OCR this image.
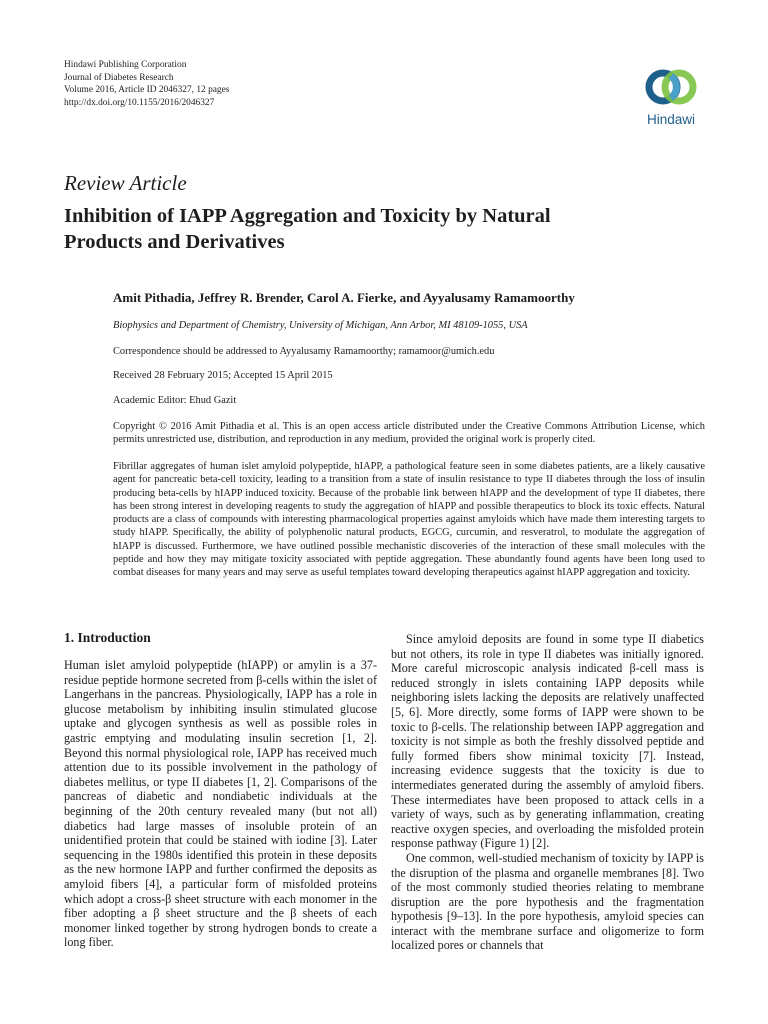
Hindawi Publishing Corporation
Journal of Diabetes Research
Volume 2016, Article ID 2046327, 12 pages
http://dx.doi.org/10.1155/2016/2046327
Hindawi
Review Article
Inhibition of IAPP Aggregation and Toxicity by Natural Products and Derivatives
Amit Pithadia, Jeffrey R. Brender, Carol A. Fierke, and Ayyalusamy Ramamoorthy
Biophysics and Department of Chemistry, University of Michigan, Ann Arbor, MI 48109-1055, USA
Correspondence should be addressed to Ayyalusamy Ramamoorthy; ramamoor@umich.edu
Received 28 February 2015; Accepted 15 April 2015
Academic Editor: Ehud Gazit
Copyright © 2016 Amit Pithadia et al. This is an open access article distributed under the Creative Commons Attribution License, which permits unrestricted use, distribution, and reproduction in any medium, provided the original work is properly cited.
Fibrillar aggregates of human islet amyloid polypeptide, hIAPP, a pathological feature seen in some diabetes patients, are a likely causative agent for pancreatic beta-cell toxicity, leading to a transition from a state of insulin resistance to type II diabetes through the loss of insulin producing beta-cells by hIAPP induced toxicity. Because of the probable link between hIAPP and the development of type II diabetes, there has been strong interest in developing reagents to study the aggregation of hIAPP and possible therapeutics to block its toxic effects. Natural products are a class of compounds with interesting pharmacological properties against amyloids which have made them interesting targets to study hIAPP. Specifically, the ability of polyphenolic natural products, EGCG, curcumin, and resveratrol, to modulate the aggregation of hIAPP is discussed. Furthermore, we have outlined possible mechanistic discoveries of the interaction of these small molecules with the peptide and how they may mitigate toxicity associated with peptide aggregation. These abundantly found agents have been long used to combat diseases for many years and may serve as useful templates toward developing therapeutics against hIAPP aggregation and toxicity.
1. Introduction

Human islet amyloid polypeptide (hIAPP) or amylin is a 37-residue peptide hormone secreted from β-cells within the islet of Langerhans in the pancreas. Physiologically, IAPP has a role in glucose metabolism by inhibiting insulin stimulated glucose uptake and glycogen synthesis as well as possible roles in gastric emptying and modulating insulin secretion [1, 2]. Beyond this normal physiological role, IAPP has received much attention due to its possible involvement in the pathology of diabetes mellitus, or type II diabetes [1, 2]. Comparisons of the pancreas of diabetic and nondiabetic individuals at the beginning of the 20th century revealed many (but not all) diabetics had large masses of insoluble protein of an unidentified protein that could be stained with iodine [3]. Later sequencing in the 1980s identified this protein in these deposits as the new hormone IAPP and further confirmed the deposits as amyloid fibers [4], a particular form of misfolded proteins which adopt a cross-β sheet structure with each monomer in the fiber adopting a β sheet structure and the β sheets of each monomer linked together by strong hydrogen bonds to create a long fiber.

Since amyloid deposits are found in some type II diabetics but not others, its role in type II diabetes was initially ignored. More careful microscopic analysis indicated β-cell mass is reduced strongly in islets containing IAPP deposits while neighboring islets lacking the deposits are relatively unaffected [5, 6]. More directly, some forms of IAPP were shown to be toxic to β-cells. The relationship between IAPP aggregation and toxicity is not simple as both the freshly dissolved peptide and fully formed fibers show minimal toxicity [7]. Instead, increasing evidence suggests that the toxicity is due to intermediates generated during the assembly of amyloid fibers. These intermediates have been proposed to attack cells in a variety of ways, such as by generating inflammation, creating reactive oxygen species, and overloading the misfolded protein response pathway (Figure 1) [2].

One common, well-studied mechanism of toxicity by IAPP is the disruption of the plasma and organelle membranes [8]. Two of the most commonly studied theories relating to membrane disruption are the pore hypothesis and the fragmentation hypothesis [9–13]. In the pore hypothesis, amyloid species can interact with the membrane surface and oligomerize to form localized pores or channels that
